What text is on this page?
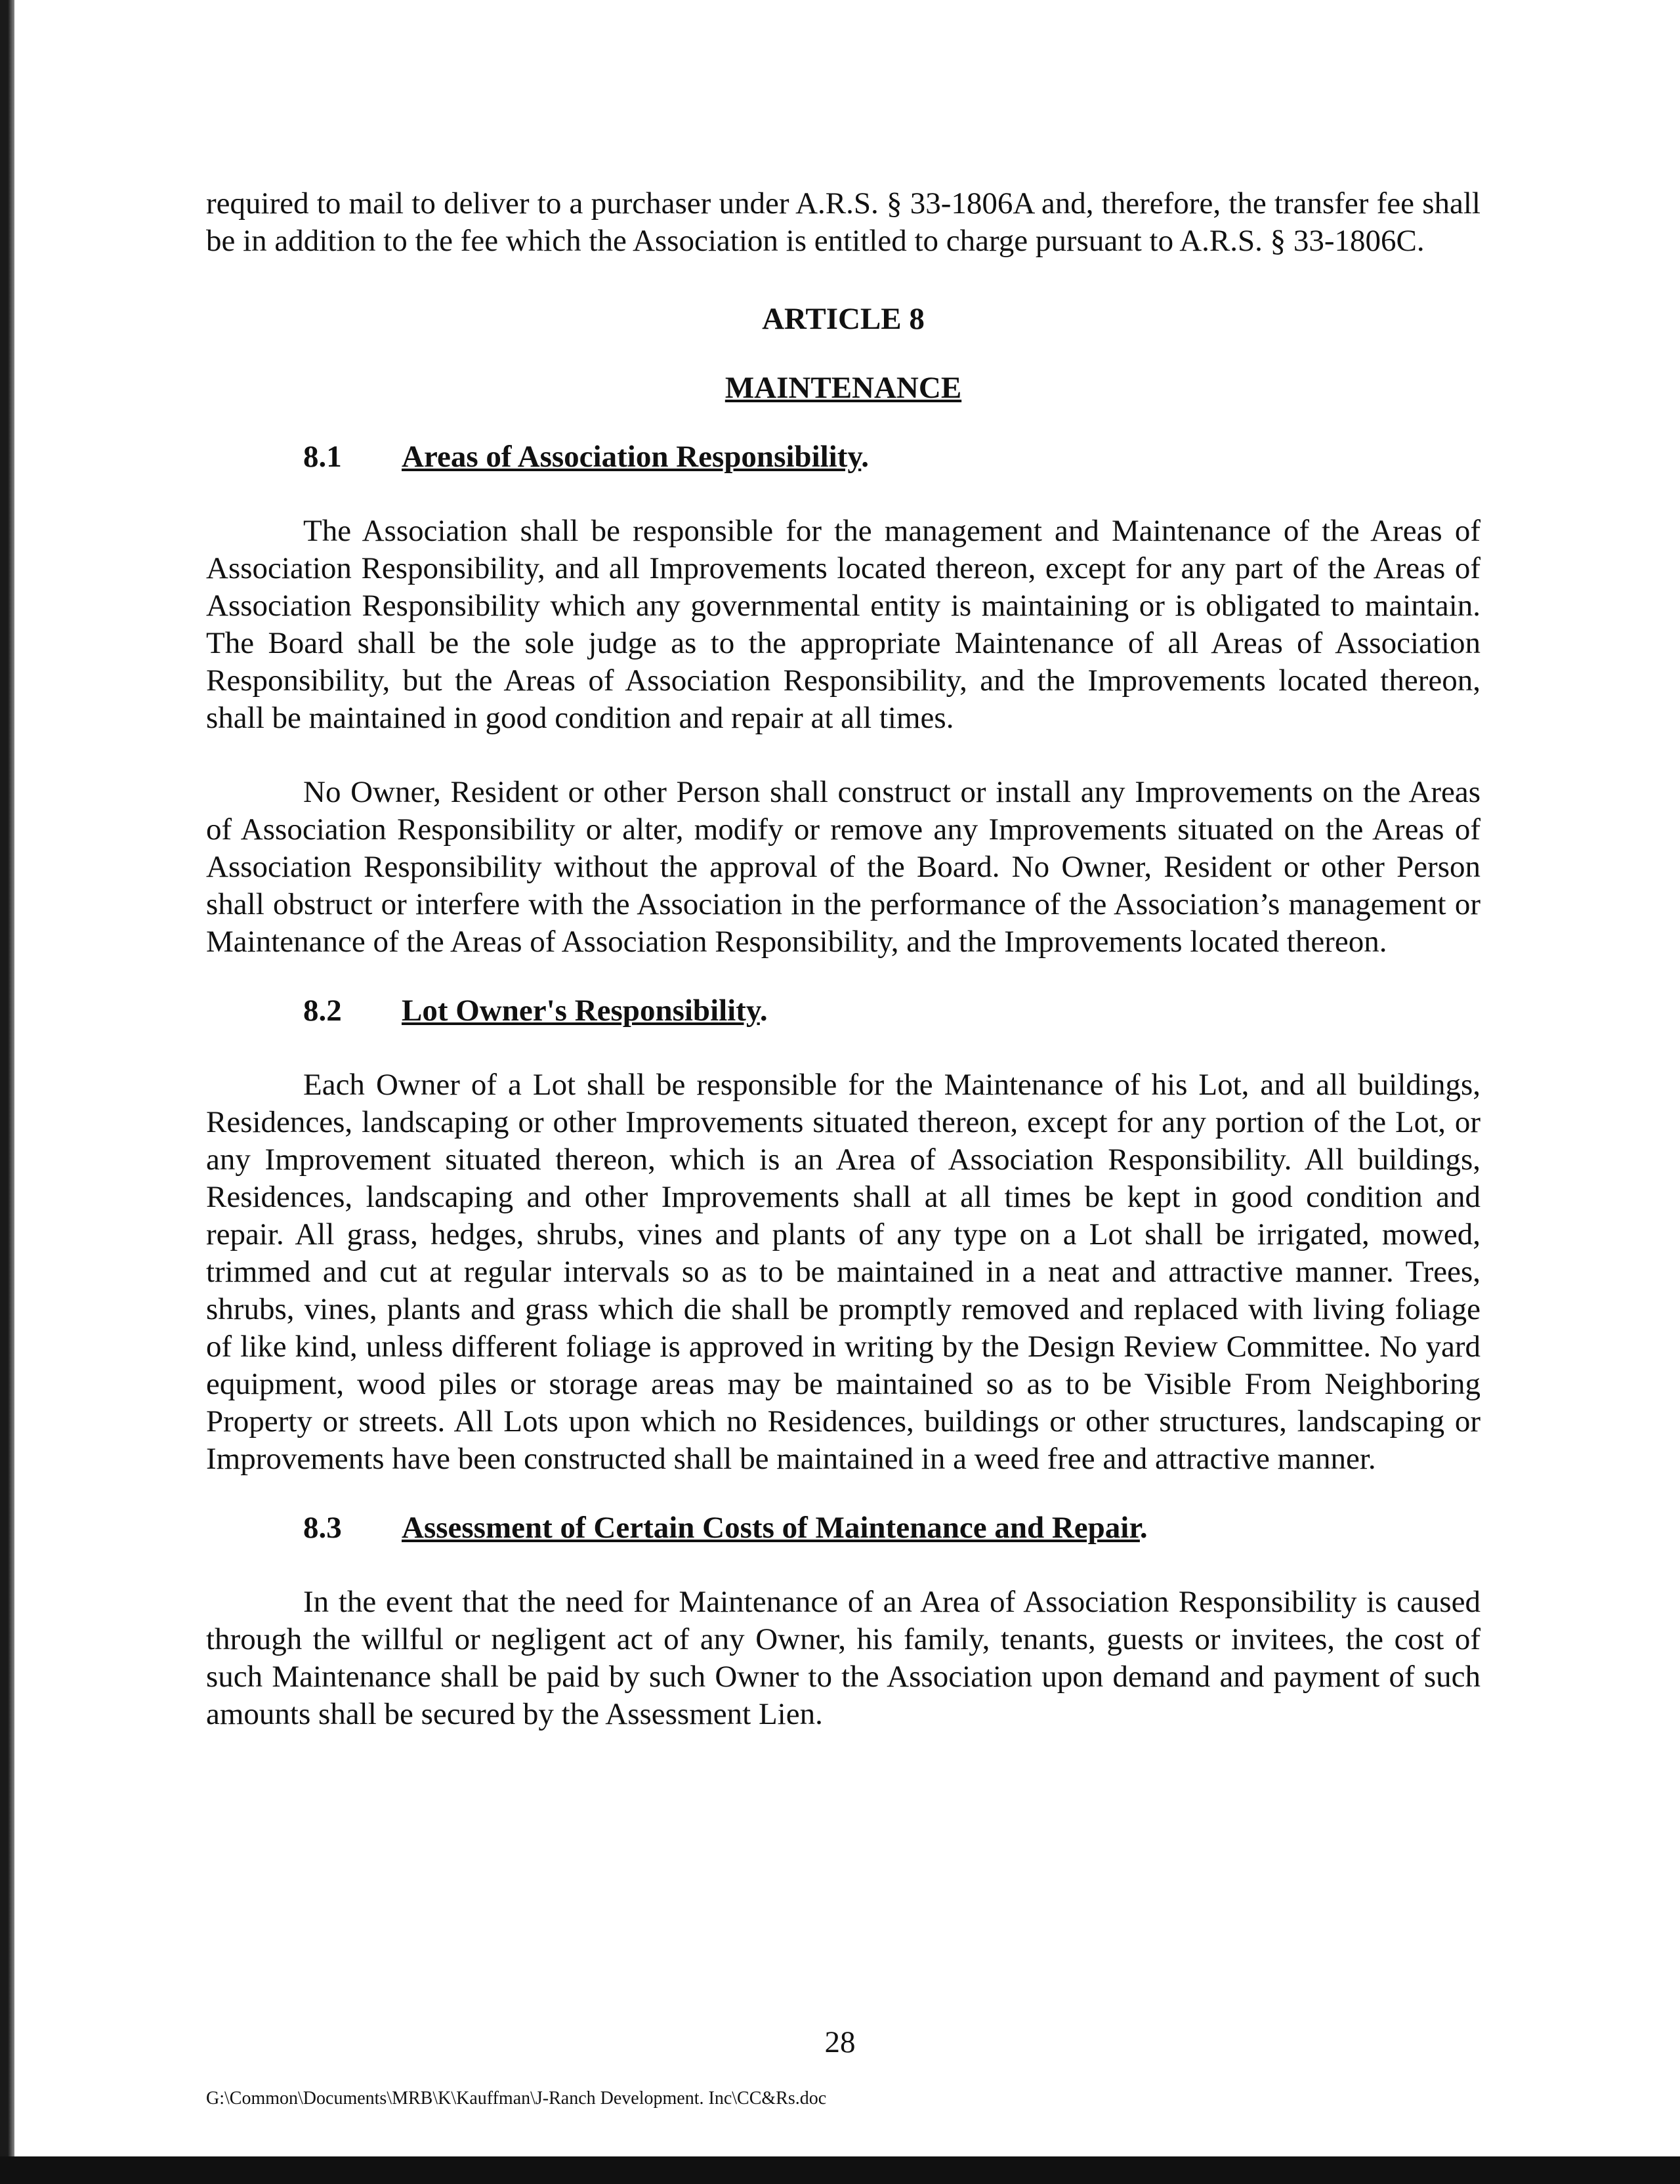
required to mail to deliver to a purchaser under A.R.S. § 33-1806A and, therefore, the transfer fee shall be in addition to the fee which the Association is entitled to charge pursuant to A.R.S. § 33-1806C.

ARTICLE 8
MAINTENANCE
8.1 Areas of Association Responsibility.

The Association shall be responsible for the management and Maintenance of the Areas of Association Responsibility, and all Improvements located thereon, except for any part of the Areas of Association Responsibility which any governmental entity is maintaining or is obligated to maintain. The Board shall be the sole judge as to the appropriate Maintenance of all Areas of Association Responsibility, but the Areas of Association Responsibility, and the Improvements located thereon, shall be maintained in good condition and repair at all times.

No Owner, Resident or other Person shall construct or install any Improvements on the Areas of Association Responsibility or alter, modify or remove any Improvements situated on the Areas of Association Responsibility without the approval of the Board. No Owner, Resident or other Person shall obstruct or interfere with the Association in the performance of the Association’s management or Maintenance of the Areas of Association Responsibility, and the Improvements located thereon.

8.2 Lot Owner's Responsibility.

Each Owner of a Lot shall be responsible for the Maintenance of his Lot, and all buildings, Residences, landscaping or other Improvements situated thereon, except for any portion of the Lot, or any Improvement situated thereon, which is an Area of Association Responsibility. All buildings, Residences, landscaping and other Improvements shall at all times be kept in good condition and repair. All grass, hedges, shrubs, vines and plants of any type on a Lot shall be irrigated, mowed, trimmed and cut at regular intervals so as to be maintained in a neat and attractive manner. Trees, shrubs, vines, plants and grass which die shall be promptly removed and replaced with living foliage of like kind, unless different foliage is approved in writing by the Design Review Committee. No yard equipment, wood piles or storage areas may be maintained so as to be Visible From Neighboring Property or streets. All Lots upon which no Residences, buildings or other structures, landscaping or Improvements have been constructed shall be maintained in a weed free and attractive manner.

8.3 Assessment of Certain Costs of Maintenance and Repair.

In the event that the need for Maintenance of an Area of Association Responsibility is caused through the willful or negligent act of any Owner, his family, tenants, guests or invitees, the cost of such Maintenance shall be paid by such Owner to the Association upon demand and payment of such amounts shall be secured by the Assessment Lien.

28
G:\Common\Documents\MRB\K\Kauffman\J-Ranch Development. Inc\CC&Rs.doc
